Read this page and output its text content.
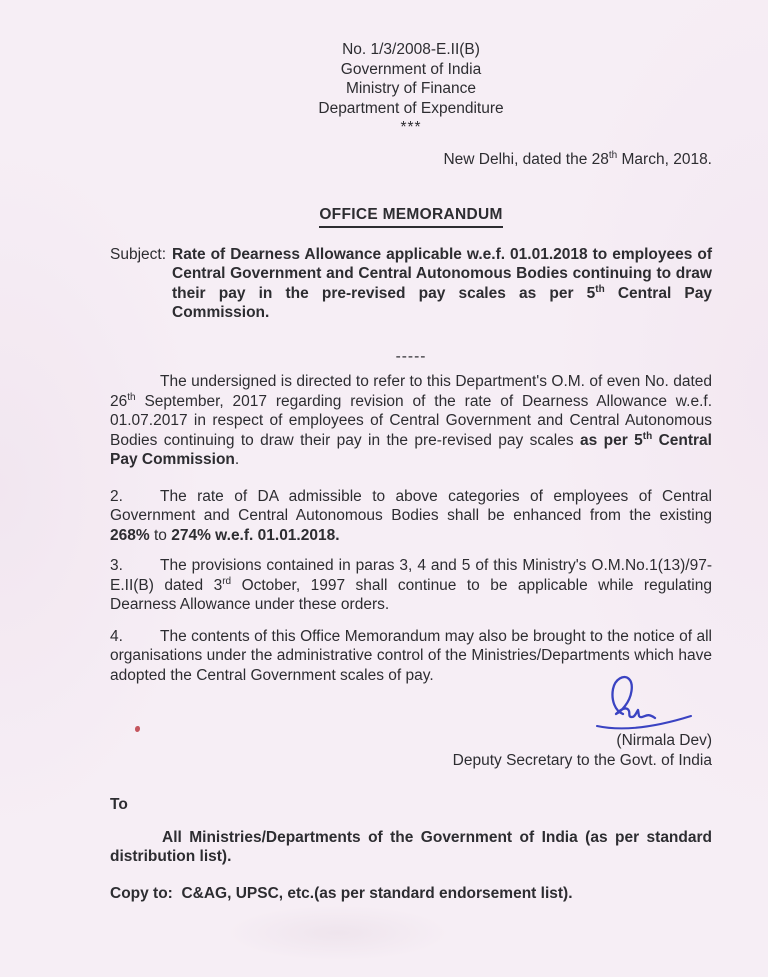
No. 1/3/2008-E.II(B)
Government of India
Ministry of Finance
Department of Expenditure
***
New Delhi, dated the 28th March, 2018.
OFFICE MEMORANDUM
Subject: Rate of Dearness Allowance applicable w.e.f. 01.01.2018 to employees of Central Government and Central Autonomous Bodies continuing to draw their pay in the pre-revised pay scales as per 5th Central Pay Commission.
-----

The undersigned is directed to refer to this Department's O.M. of even No. dated 26th September, 2017 regarding revision of the rate of Dearness Allowance w.e.f. 01.07.2017 in respect of employees of Central Government and Central Autonomous Bodies continuing to draw their pay in the pre-revised pay scales as per 5th Central Pay Commission.

2. The rate of DA admissible to above categories of employees of Central Government and Central Autonomous Bodies shall be enhanced from the existing 268% to 274% w.e.f. 01.01.2018.

3. The provisions contained in paras 3, 4 and 5 of this Ministry's O.M.No.1(13)/97-E.II(B) dated 3rd October, 1997 shall continue to be applicable while regulating Dearness Allowance under these orders.

4. The contents of this Office Memorandum may also be brought to the notice of all organisations under the administrative control of the Ministries/Departments which have adopted the Central Government scales of pay.

(Nirmala Dev)
Deputy Secretary to the Govt. of India
To

All Ministries/Departments of the Government of India (as per standard distribution list).

Copy to:  C&AG, UPSC, etc.(as per standard endorsement list).
